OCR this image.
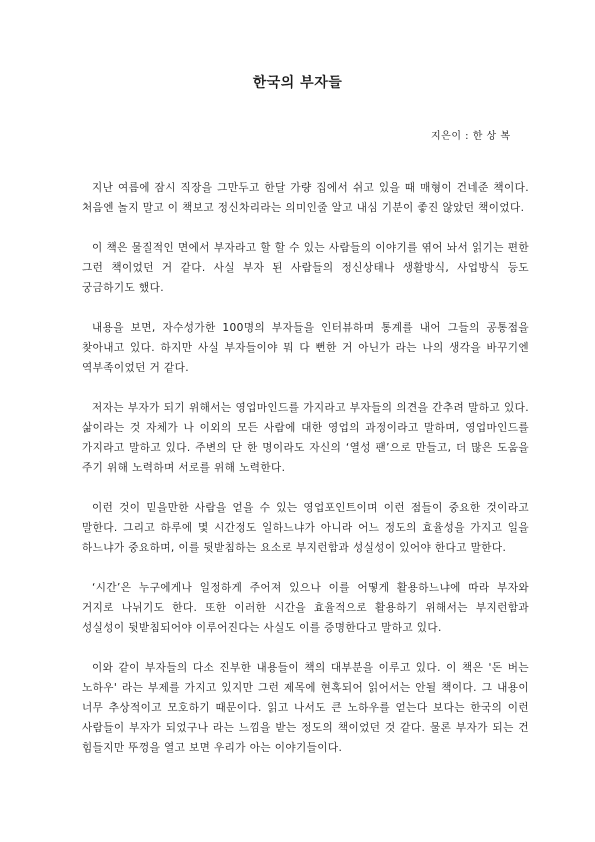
한국의 부자들
지은이 : 한 상 복

지난 여름에 잠시 직장을 그만두고 한달 가량 집에서 쉬고 있을 때 매형이 건네준 책이다. 처음엔 놀지 말고 이 책보고 정신차리라는 의미인줄 알고 내심 기분이 좋진 않았던 책이었다.

이 책은 물질적인 면에서 부자라고 할 할 수 있는 사람들의 이야기를 엮어 놔서 읽기는 편한 그런 책이었던 거 같다. 사실 부자 된 사람들의 정신상태나 생활방식, 사업방식 등도 궁금하기도 했다.

내용을 보면, 자수성가한 100명의 부자들을 인터뷰하며 통계를 내어 그들의 공통점을 찾아내고 있다. 하지만 사실 부자들이야 뭐 다 뻔한 거 아닌가 라는 나의 생각을 바꾸기엔 역부족이었던 거 같다.

저자는 부자가 되기 위해서는 영업마인드를 가지라고 부자들의 의견을 간추려 말하고 있다. 삶이라는 것 자체가 나 이외의 모든 사람에 대한 영업의 과정이라고 말하며, 영업마인드를 가지라고 말하고 있다. 주변의 단 한 명이라도 자신의 ‘열성 팬’으로 만들고, 더 많은 도움을 주기 위해 노력하며 서로를 위해 노력한다.

이런 것이 믿을만한 사람을 얻을 수 있는 영업포인트이며 이런 점들이 중요한 것이라고 말한다. 그리고 하루에 몇 시간정도 일하느냐가 아니라 어느 정도의 효율성을 가지고 일을 하느냐가 중요하며, 이를 뒷받침하는 요소로 부지런함과 성실성이 있어야 한다고 말한다.

‘시간’은 누구에게나 일정하게 주어져 있으나 이를 어떻게 활용하느냐에 따라 부자와 거지로 나뉘기도 한다. 또한 이러한 시간을 효율적으로 활용하기 위해서는 부지런함과 성실성이 뒷받침되어야 이루어진다는 사실도 이를 증명한다고 말하고 있다.

이와 같이 부자들의 다소 진부한 내용들이 책의 대부분을 이루고 있다. 이 책은 '돈 버는 노하우' 라는 부제를 가지고 있지만 그런 제목에 현혹되어 읽어서는 안될 책이다. 그 내용이 너무 추상적이고 모호하기 때문이다. 읽고 나서도 큰 노하우를 얻는다 보다는 한국의 이런 사람들이 부자가 되었구나 라는 느낌을 받는 정도의 책이었던 것 같다. 물론 부자가 되는 건 힘들지만 뚜껑을 열고 보면 우리가 아는 이야기들이다.
